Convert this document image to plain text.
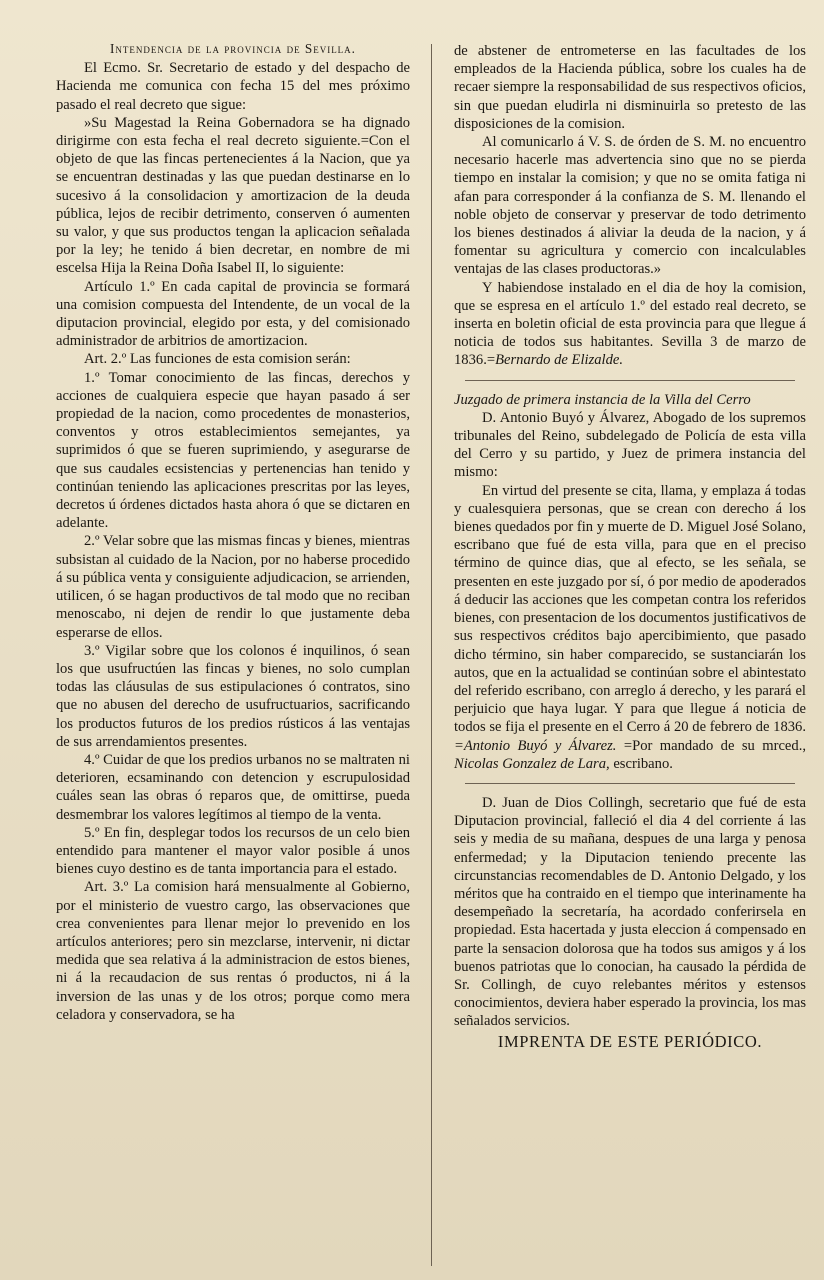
Intendencia de la provincia de Sevilla.

El Ecmo. Sr. Secretario de estado y del despacho de Hacienda me comunica con fecha 15 del mes próximo pasado el real decreto que sigue:

»Su Magestad la Reina Gobernadora se ha dignado dirigirme con esta fecha el real decreto siguiente.=Con el objeto de que las fincas pertenecientes á la Nacion, que ya se encuentran destinadas y las que puedan destinarse en lo sucesivo á la consolidacion y amortizacion de la deuda pública, lejos de recibir detrimento, conserven ó aumenten su valor, y que sus productos tengan la aplicacion señalada por la ley; he tenido á bien decretar, en nombre de mi escelsa Hija la Reina Doña Isabel II, lo siguiente:

Artículo 1.º En cada capital de provincia se formará una comision compuesta del Intendente, de un vocal de la diputacion provincial, elegido por esta, y del comisionado administrador de arbitrios de amortizacion.

Art. 2.º Las funciones de esta comision serán:

1.º Tomar conocimiento de las fincas, derechos y acciones de cualquiera especie que hayan pasado á ser propiedad de la nacion, como procedentes de monasterios, conventos y otros establecimientos semejantes, ya suprimidos ó que se fueren suprimiendo, y asegurarse de que sus caudales ecsistencias y pertenencias han tenido y continúan teniendo las aplicaciones prescritas por las leyes, decretos ú órdenes dictados hasta ahora ó que se dictaren en adelante.

2.º Velar sobre que las mismas fincas y bienes, mientras subsistan al cuidado de la Nacion, por no haberse procedido á su pública venta y consiguiente adjudicacion, se arrienden, utilicen, ó se hagan productivos de tal modo que no reciban menoscabo, ni dejen de rendir lo que justamente deba esperarse de ellos.

3.º Vigilar sobre que los colonos é inquilinos, ó sean los que usufructúen las fincas y bienes, no solo cumplan todas las cláusulas de sus estipulaciones ó contratos, sino que no abusen del derecho de usufructuarios, sacrificando los productos futuros de los predios rústicos á las ventajas de sus arrendamientos presentes.

4.º Cuidar de que los predios urbanos no se maltraten ni deterioren, ecsaminando con detencion y escrupulosidad cuáles sean las obras ó reparos que, de omittirse, pueda desmembrar los valores legítimos al tiempo de la venta.

5.º En fin, desplegar todos los recursos de un celo bien entendido para mantener el mayor valor posible á unos bienes cuyo destino es de tanta importancia para el estado.

Art. 3.º La comision hará mensualmente al Gobierno, por el ministerio de vuestro cargo, las observaciones que crea convenientes para llenar mejor lo prevenido en los artículos anteriores; pero sin mezclarse, intervenir, ni dictar medida que sea relativa á la administracion de estos bienes, ni á la recaudacion de sus rentas ó productos, ni á la inversion de las unas y de los otros; porque como mera celadora y conservadora, se ha

de abstener de entrometerse en las facultades de los empleados de la Hacienda pública, sobre los cuales ha de recaer siempre la responsabilidad de sus respectivos oficios, sin que puedan eludirla ni disminuirla so pretesto de las disposiciones de la comision.

Al comunicarlo á V. S. de órden de S. M. no encuentro necesario hacerle mas advertencia sino que no se pierda tiempo en instalar la comision; y que no se omita fatiga ni afan para corresponder á la confianza de S. M. llenando el noble objeto de conservar y preservar de todo detrimento los bienes destinados á aliviar la deuda de la nacion, y á fomentar su agricultura y comercio con incalculables ventajas de las clases productoras.»

Y habiendose instalado en el dia de hoy la comision, que se espresa en el artículo 1.º del estado real decreto, se inserta en boletin oficial de esta provincia para que llegue á noticia de todos sus habitantes. Sevilla 3 de marzo de 1836.=Bernardo de Elizalde.

Juzgado de primera instancia de la Villa del Cerro

D. Antonio Buyó y Álvarez, Abogado de los supremos tribunales del Reino, subdelegado de Policía de esta villa del Cerro y su partido, y Juez de primera instancia del mismo:

En virtud del presente se cita, llama, y emplaza á todas y cualesquiera personas, que se crean con derecho á los bienes quedados por fin y muerte de D. Miguel José Solano, escribano que fué de esta villa, para que en el preciso término de quince dias, que al efecto, se les señala, se presenten en este juzgado por sí, ó por medio de apoderados á deducir las acciones que les competan contra los referidos bienes, con presentacion de los documentos justificativos de sus respectivos créditos bajo apercibimiento, que pasado dicho término, sin haber comparecido, se sustanciarán los autos, que en la actualidad se continúan sobre el abintestato del referido escribano, con arreglo á derecho, y les parará el perjuicio que haya lugar. Y para que llegue á noticia de todos se fija el presente en el Cerro á 20 de febrero de 1836. =Antonio Buyó y Álvarez. =Por mandado de su mrced., Nicolas Gonzalez de Lara, escribano.

D. Juan de Dios Collingh, secretario que fué de esta Diputacion provincial, falleció el dia 4 del corriente á las seis y media de su mañana, despues de una larga y penosa enfermedad; y la Diputacion teniendo precente las circunstancias recomendables de D. Antonio Delgado, y los méritos que ha contraido en el tiempo que interinamente ha desempeñado la secretaría, ha acordado conferirsela en propiedad. Esta hacertada y justa eleccion á compensado en parte la sensacion dolorosa que ha todos sus amigos y á los buenos patriotas que lo conocian, ha causado la pérdida de Sr. Collingh, de cuyo relebantes méritos y estensos conocimientos, deviera haber esperado la provincia, los mas señalados servicios.

IMPRENTA DE ESTE PERIÓDICO.
